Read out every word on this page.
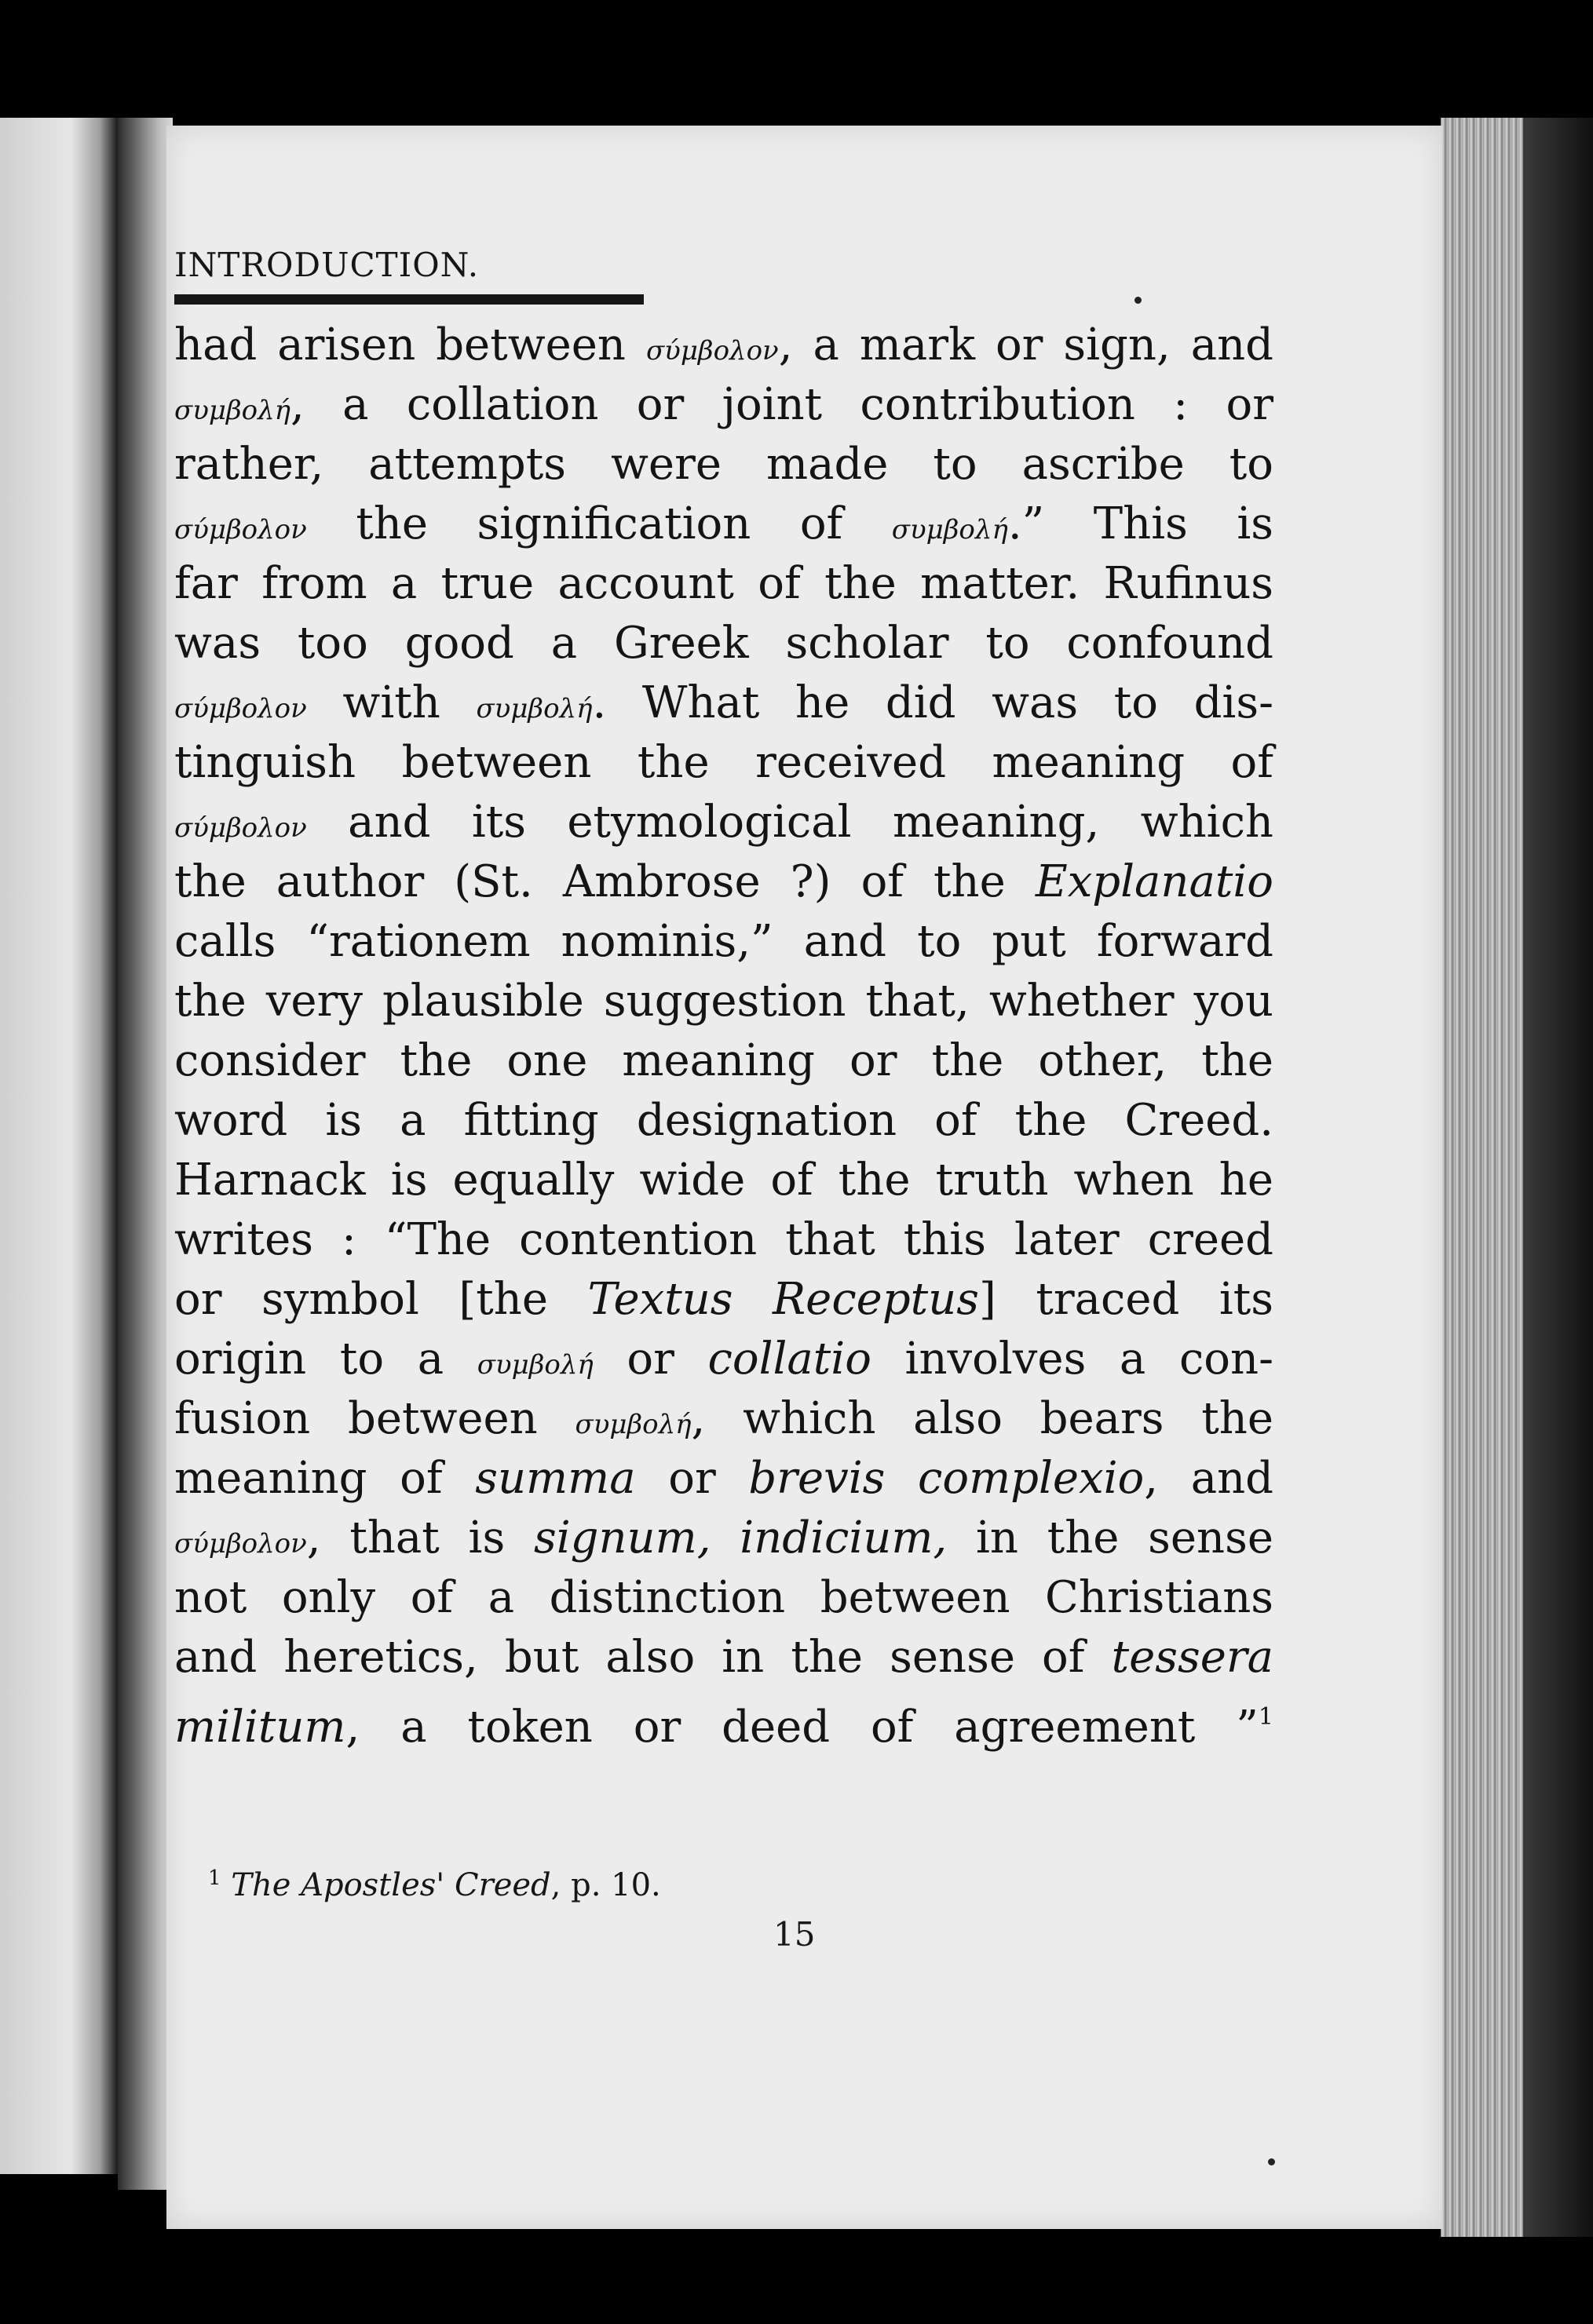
INTRODUCTION.
had arisen between σύμβολον, a mark or sign, and
συμβολή, a collation or joint contribution : or
rather, attempts were made to ascribe to
σύμβολον the signification of συμβολή.” This is
far from a true account of the matter. Rufinus
was too good a Greek scholar to confound
σύμβολον with συμβολή. What he did was to dis-
tinguish between the received meaning of
σύμβολον and its etymological meaning, which
the author (St. Ambrose ?) of the Explanatio
calls “rationem nominis,” and to put forward
the very plausible suggestion that, whether you
consider the one meaning or the other, the
word is a fitting designation of the Creed.
Harnack is equally wide of the truth when he
writes : “The contention that this later creed
or symbol [the Textus Receptus] traced its
origin to a συμβολή or collatio involves a con-
fusion between συμβολή, which also bears the
meaning of summa or brevis complexio, and
σύμβολον, that is signum, indicium, in the sense
not only of a distinction between Christians
and heretics, but also in the sense of tessera
militum, a token or deed of agreement ”$^1$
$^1$ The Apostles' Creed, p. 10.
15
